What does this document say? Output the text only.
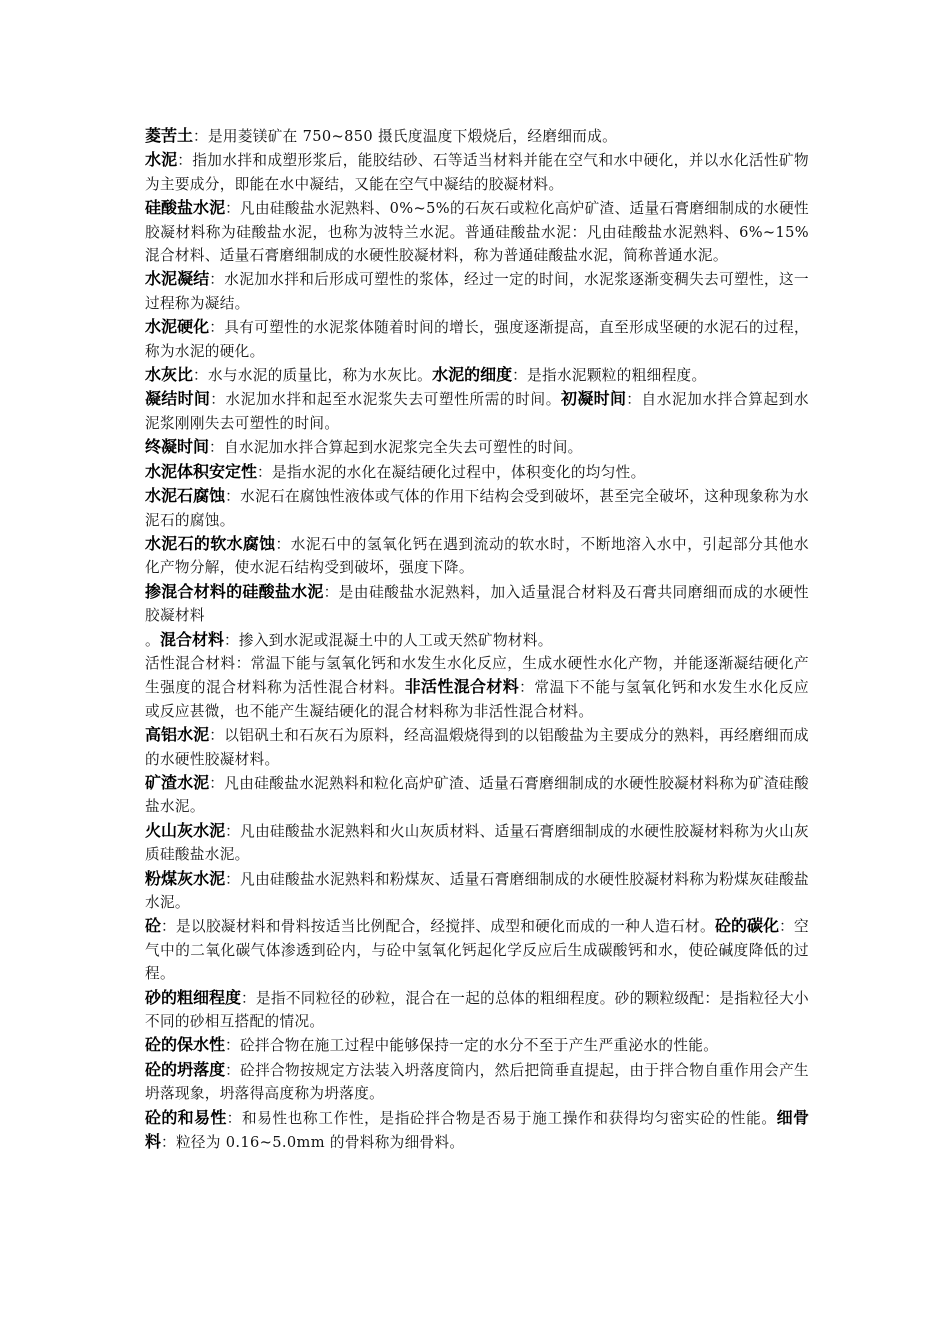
菱苦土：是用菱镁矿在 750~850 摄氏度温度下煅烧后，经磨细而成。

水泥：指加水拌和成塑形浆后，能胶结砂、石等适当材料并能在空气和水中硬化，并以水化活性矿物为主要成分，即能在水中凝结，又能在空气中凝结的胶凝材料。

硅酸盐水泥：凡由硅酸盐水泥熟料、0%~5%的石灰石或粒化高炉矿渣、适量石膏磨细制成的水硬性胶凝材料称为硅酸盐水泥，也称为波特兰水泥。普通硅酸盐水泥：凡由硅酸盐水泥熟料、6%~15%混合材料、适量石膏磨细制成的水硬性胶凝材料，称为普通硅酸盐水泥，简称普通水泥。

水泥凝结：水泥加水拌和后形成可塑性的浆体，经过一定的时间，水泥浆逐渐变稠失去可塑性，这一过程称为凝结。

水泥硬化：具有可塑性的水泥浆体随着时间的增长，强度逐渐提高，直至形成坚硬的水泥石的过程，称为水泥的硬化。

水灰比：水与水泥的质量比，称为水灰比。水泥的细度：是指水泥颗粒的粗细程度。

凝结时间：水泥加水拌和起至水泥浆失去可塑性所需的时间。初凝时间：自水泥加水拌合算起到水泥浆刚刚失去可塑性的时间。

终凝时间：自水泥加水拌合算起到水泥浆完全失去可塑性的时间。

水泥体积安定性：是指水泥的水化在凝结硬化过程中，体积变化的均匀性。

水泥石腐蚀：水泥石在腐蚀性液体或气体的作用下结构会受到破坏，甚至完全破坏，这种现象称为水泥石的腐蚀。

水泥石的软水腐蚀：水泥石中的氢氧化钙在遇到流动的软水时，不断地溶入水中，引起部分其他水化产物分解，使水泥石结构受到破坏，强度下降。

掺混合材料的硅酸盐水泥：是由硅酸盐水泥熟料，加入适量混合材料及石膏共同磨细而成的水硬性胶凝材料

。混合材料：掺入到水泥或混凝土中的人工或天然矿物材料。

活性混合材料：常温下能与氢氧化钙和水发生水化反应，生成水硬性水化产物，并能逐渐凝结硬化产生强度的混合材料称为活性混合材料。非活性混合材料：常温下不能与氢氧化钙和水发生水化反应或反应甚微，也不能产生凝结硬化的混合材料称为非活性混合材料。

高铝水泥：以铝矾土和石灰石为原料，经高温煅烧得到的以铝酸盐为主要成分的熟料，再经磨细而成的水硬性胶凝材料。

矿渣水泥：凡由硅酸盐水泥熟料和粒化高炉矿渣、适量石膏磨细制成的水硬性胶凝材料称为矿渣硅酸盐水泥。

火山灰水泥：凡由硅酸盐水泥熟料和火山灰质材料、适量石膏磨细制成的水硬性胶凝材料称为火山灰质硅酸盐水泥。

粉煤灰水泥：凡由硅酸盐水泥熟料和粉煤灰、适量石膏磨细制成的水硬性胶凝材料称为粉煤灰硅酸盐水泥。

砼：是以胶凝材料和骨料按适当比例配合，经搅拌、成型和硬化而成的一种人造石材。砼的碳化：空气中的二氧化碳气体渗透到砼内，与砼中氢氧化钙起化学反应后生成碳酸钙和水，使砼碱度降低的过程。

砂的粗细程度：是指不同粒径的砂粒，混合在一起的总体的粗细程度。砂的颗粒级配：是指粒径大小不同的砂相互搭配的情况。

砼的保水性：砼拌合物在施工过程中能够保持一定的水分不至于产生严重泌水的性能。

砼的坍落度：砼拌合物按规定方法装入坍落度筒内，然后把筒垂直提起，由于拌合物自重作用会产生坍落现象，坍落得高度称为坍落度。

砼的和易性：和易性也称工作性，是指砼拌合物是否易于施工操作和获得均匀密实砼的性能。细骨料：粒径为 0.16~5.0mm 的骨料称为细骨料。
